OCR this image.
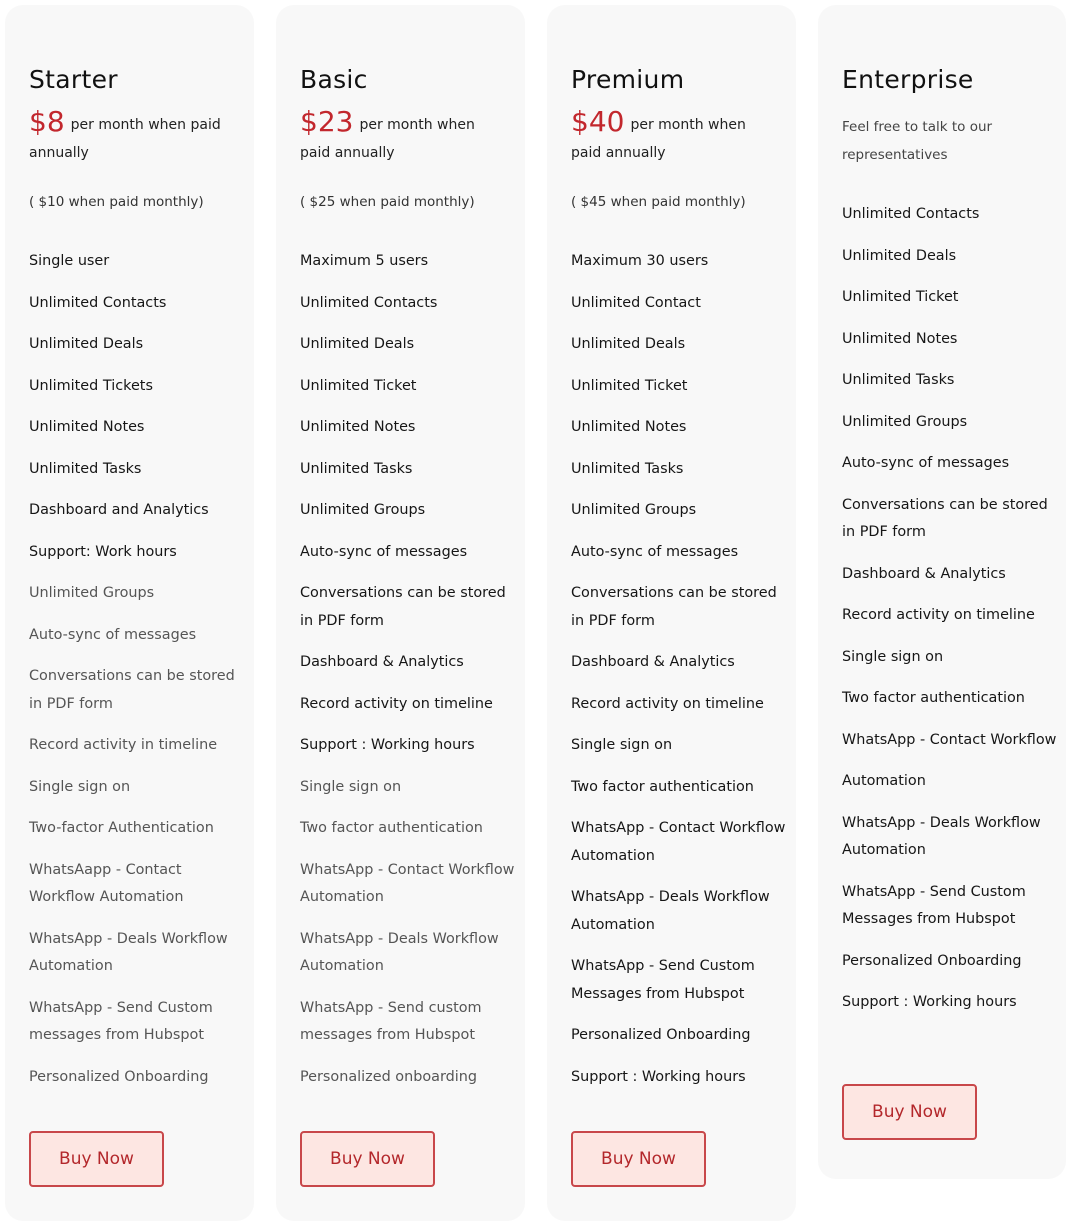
Starter
$8 per month when paid annually
( $10 when paid monthly)
Single user
Unlimited Contacts
Unlimited Deals
Unlimited Tickets
Unlimited Notes
Unlimited Tasks
Dashboard and Analytics
Support: Work hours
Unlimited Groups
Auto-sync of messages
Conversations can be stored in PDF form
Record activity in timeline
Single sign on
Two-factor Authentication
WhatsAapp - Contact Workflow Automation
WhatsApp - Deals Workflow Automation
WhatsApp - Send Custom messages from Hubspot
Personalized Onboarding
Buy Now
Basic
$23 per month when paid annually
( $25 when paid monthly)
Maximum 5 users
Unlimited Contacts
Unlimited Deals
Unlimited Ticket
Unlimited Notes
Unlimited Tasks
Unlimited Groups
Auto-sync of messages
Conversations can be stored in PDF form
Dashboard & Analytics
Record activity on timeline
Support : Working hours
Single sign on
Two factor authentication
WhatsApp - Contact Workflow Automation
WhatsApp - Deals Workflow Automation
WhatsApp - Send custom messages from Hubspot
Personalized onboarding
Buy Now
Premium
$40 per month when paid annually
( $45 when paid monthly)
Maximum 30 users
Unlimited Contact
Unlimited Deals
Unlimited Ticket
Unlimited Notes
Unlimited Tasks
Unlimited Groups
Auto-sync of messages
Conversations can be stored in PDF form
Dashboard & Analytics
Record activity on timeline
Single sign on
Two factor authentication
WhatsApp - Contact Workflow Automation
WhatsApp - Deals Workflow Automation
WhatsApp - Send Custom Messages from Hubspot
Personalized Onboarding
Support : Working hours
Buy Now
Enterprise
Feel free to talk to our representatives
Unlimited Contacts
Unlimited Deals
Unlimited Ticket
Unlimited Notes
Unlimited Tasks
Unlimited Groups
Auto-sync of messages
Conversations can be stored in PDF form
Dashboard & Analytics
Record activity on timeline
Single sign on
Two factor authentication
WhatsApp - Contact Workflow
Automation
WhatsApp - Deals Workflow Automation
WhatsApp - Send Custom Messages from Hubspot
Personalized Onboarding
Support : Working hours
Buy Now
